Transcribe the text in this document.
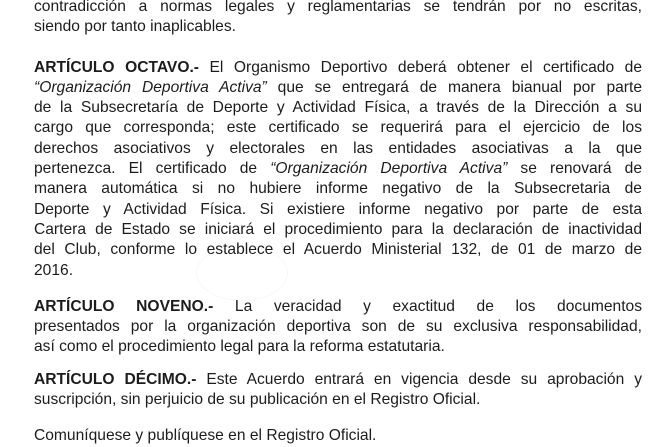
contradicción a normas legales y reglamentarias se tendrán por no escritas,
siendo por tanto inaplicables.
ARTÍCULO OCTAVO.- El Organismo Deportivo deberá obtener el certificado de
“Organización Deportiva Activa” que se entregará de manera bianual por parte
de la Subsecretaría de Deporte y Actividad Física, a través de la Dirección a su
cargo que corresponda; este certificado se requerirá para el ejercicio de los
derechos asociativos y electorales en las entidades asociativas a la que
pertenezca. El certificado de “Organización Deportiva Activa” se renovará de
manera automática si no hubiere informe negativo de la Subsecretaria de
Deporte y Actividad Física. Si existiere informe negativo por parte de esta
Cartera de Estado se iniciará el procedimiento para la declaración de inactividad
del Club, conforme lo establece el Acuerdo Ministerial 132, de 01 de marzo de
2016.
ARTÍCULO NOVENO.- La veracidad y exactitud de los documentos
presentados por la organización deportiva son de su exclusiva responsabilidad,
así como el procedimiento legal para la reforma estatutaria.
ARTÍCULO DÉCIMO.- Este Acuerdo entrará en vigencia desde su aprobación y
suscripción, sin perjuicio de su publicación en el Registro Oficial.
Comuníquese y publíquese en el Registro Oficial.
